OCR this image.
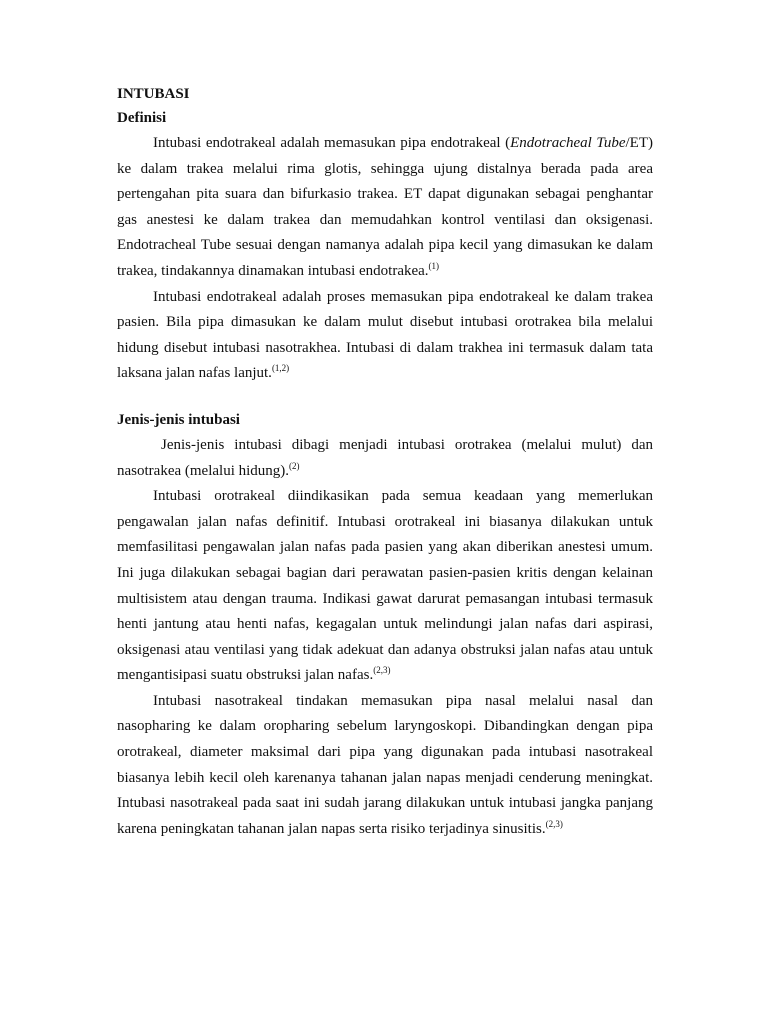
INTUBASI
Definisi

Intubasi endotrakeal adalah memasukan pipa endotrakeal (Endotracheal Tube/ET) ke dalam trakea melalui rima glotis, sehingga ujung distalnya berada pada area pertengahan pita suara dan bifurkasio trakea. ET dapat digunakan sebagai penghantar gas anestesi ke dalam trakea dan memudahkan kontrol ventilasi dan oksigenasi. Endotracheal Tube sesuai dengan namanya adalah pipa kecil yang dimasukan ke dalam trakea, tindakannya dinamakan intubasi endotrakea.$^{(1)}$

Intubasi endotrakeal adalah proses memasukan pipa endotrakeal ke dalam trakea pasien. Bila pipa dimasukan ke dalam mulut disebut intubasi orotrakea bila melalui hidung disebut intubasi nasotrakhea. Intubasi di dalam trakhea ini termasuk dalam tata laksana jalan nafas lanjut.$^{(1,2)}$

Jenis-jenis intubasi

Jenis-jenis intubasi dibagi menjadi intubasi orotrakea (melalui mulut) dan nasotrakea (melalui hidung).$^{(2)}$

Intubasi orotrakeal diindikasikan pada semua keadaan yang memerlukan pengawalan jalan nafas definitif. Intubasi orotrakeal ini biasanya dilakukan untuk memfasilitasi pengawalan jalan nafas pada pasien yang akan diberikan anestesi umum. Ini juga dilakukan sebagai bagian dari perawatan pasien-pasien kritis dengan kelainan multisistem atau dengan trauma. Indikasi gawat darurat pemasangan intubasi termasuk henti jantung atau henti nafas, kegagalan untuk melindungi jalan nafas dari aspirasi, oksigenasi atau ventilasi yang tidak adekuat dan adanya obstruksi jalan nafas atau untuk mengantisipasi suatu obstruksi jalan nafas.$^{(2,3)}$

Intubasi nasotrakeal tindakan memasukan pipa nasal melalui nasal dan nasopharing ke dalam oropharing sebelum laryngoskopi. Dibandingkan dengan pipa orotrakeal, diameter maksimal dari pipa yang digunakan pada intubasi nasotrakeal biasanya lebih kecil oleh karenanya tahanan jalan napas menjadi cenderung meningkat. Intubasi nasotrakeal pada saat ini sudah jarang dilakukan untuk intubasi jangka panjang karena peningkatan tahanan jalan napas serta risiko terjadinya sinusitis.$^{(2,3)}$
